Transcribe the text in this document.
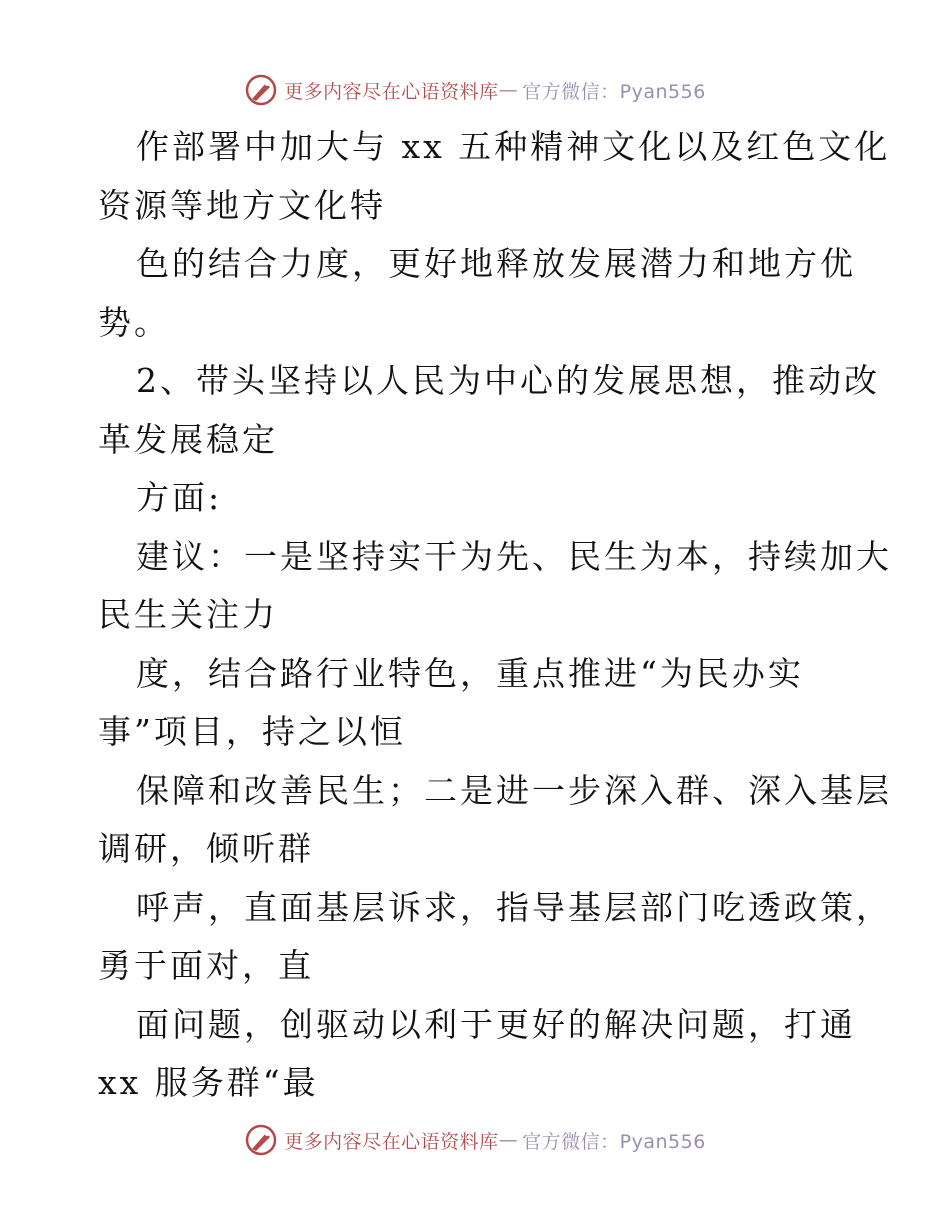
更多内容尽在心语资料库 — 官方微信：Pyan556
作部署中加大与 xx 五种精神文化以及红色文化
资源等地方文化特
色的结合力度，更好地释放发展潜力和地方优
势。
2、带头坚持以人民为中心的发展思想，推动改
革发展稳定
方面:
建议：一是坚持实干为先、民生为本，持续加大
民生关注力
度，结合路行业特色，重点推进“为民办实
事”项目，持之以恒
保障和改善民生；二是进一步深入群、深入基层
调研，倾听群
呼声，直面基层诉求，指导基层部门吃透政策，
勇于面对，直
面问题，创驱动以利于更好的解决问题，打通
xx 服务群“最
更多内容尽在心语资料库 — 官方微信：Pyan556
